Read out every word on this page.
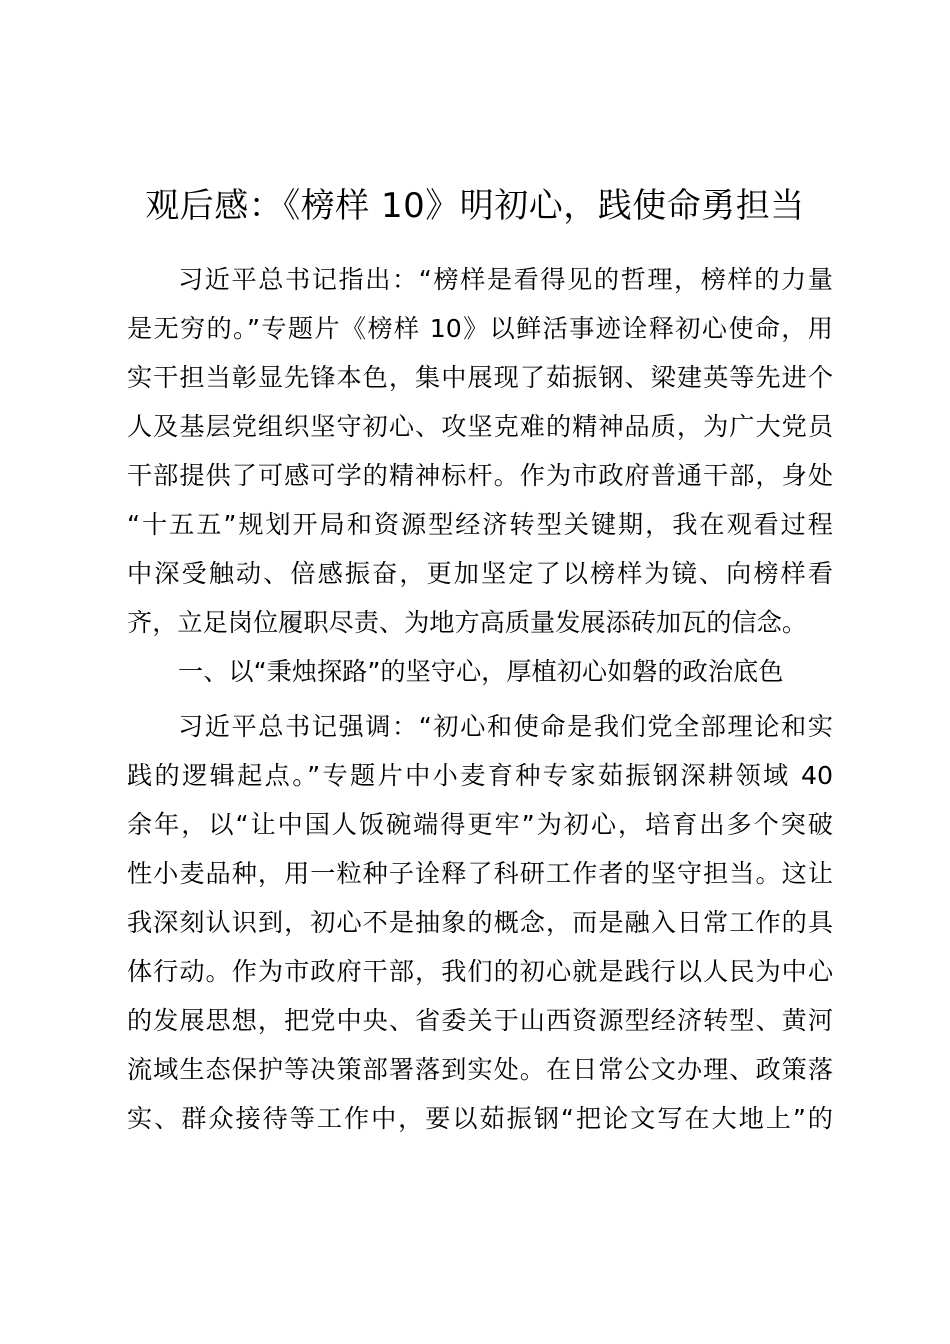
观后感：《榜样 10》明初心，践使命勇担当
习近平总书记指出：“榜样是看得见的哲理，榜样的力量
是无穷的。”专题片《榜样 10》以鲜活事迹诠释初心使命，用
实干担当彰显先锋本色，集中展现了茹振钢、梁建英等先进个
人及基层党组织坚守初心、攻坚克难的精神品质，为广大党员
干部提供了可感可学的精神标杆。作为市政府普通干部，身处
“十五五”规划开局和资源型经济转型关键期，我在观看过程
中深受触动、倍感振奋，更加坚定了以榜样为镜、向榜样看
齐，立足岗位履职尽责、为地方高质量发展添砖加瓦的信念。
一、以“秉烛探路”的坚守心，厚植初心如磐的政治底色
习近平总书记强调：“初心和使命是我们党全部理论和实
践的逻辑起点。”专题片中小麦育种专家茹振钢深耕领域 40
余年，以“让中国人饭碗端得更牢”为初心，培育出多个突破
性小麦品种，用一粒种子诠释了科研工作者的坚守担当。这让
我深刻认识到，初心不是抽象的概念，而是融入日常工作的具
体行动。作为市政府干部，我们的初心就是践行以人民为中心
的发展思想，把党中央、省委关于山西资源型经济转型、黄河
流域生态保护等决策部署落到实处。在日常公文办理、政策落
实、群众接待等工作中，要以茹振钢“把论文写在大地上”的
